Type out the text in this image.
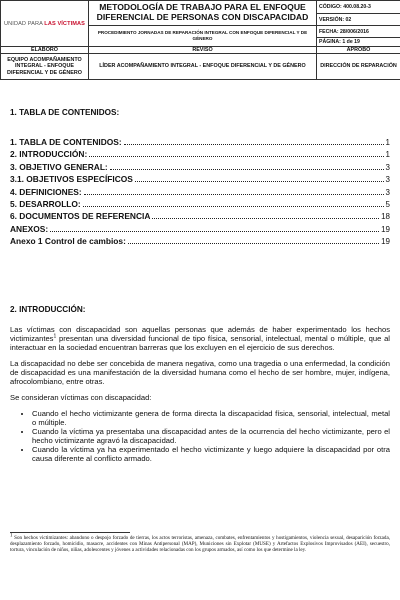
UNIDAD PARA LAS VÍCTIMAS	METODOLOGÍA DE TRABAJO PARA EL ENFOQUE DIFERENCIAL DE PERSONAS CON DISCAPACIDAD	CÓDIGO: 400.08.20-3
		VERSIÓN: 02
	PROCEDIMIENTO JORNADAS DE REPARACIÓN INTEGRAL CON ENFOQUE DIFERENCIAL Y DE GÉNERO	FECHA: 28/006/2016
		PÁGINA: 1 de 19
ELABORÓ	REVISÓ	APROBÓ
EQUIPO ACOMPAÑAMIENTO INTEGRAL - ENFOQUE DIFERENCIAL Y DE GÉNERO	LÍDER ACOMPAÑAMIENTO INTEGRAL - ENFOQUE DIFERENCIAL Y DE GÉNERO	DIRECCIÓN DE REPARACIÓN
1. TABLA DE CONTENIDOS:
1. TABLA DE CONTENIDOS:	1
2. INTRODUCCIÓN:	1
3. OBJETIVO GENERAL:	3
3.1. OBJETIVOS ESPECÍFICOS	3
4. DEFINICIONES:	3
5. DESARROLLO:	5
6. DOCUMENTOS DE REFERENCIA	18
ANEXOS:	19
Anexo 1 Control de cambios:	19
2. INTRODUCCIÓN:

Las víctimas con discapacidad son aquellas personas que además de haber experimentado los hechos victimizantes$^1$ presentan una diversidad funcional de tipo física, sensorial, intelectual, mental o múltiple, que al interactuar en la sociedad encuentran barreras que los excluyen en el ejercicio de sus derechos.

La discapacidad no debe ser concebida de manera negativa, como una tragedia o una enfermedad, la condición de discapacidad es una manifestación de la diversidad humana como el hecho de ser hombre, mujer, indígena, afrocolombiano, entre otras.

Se consideran víctimas con discapacidad:

• Cuando el hecho victimizante genera de forma directa la discapacidad física, sensorial, intelectual, metal o múltiple.
• Cuando la víctima ya presentaba una discapacidad antes de la ocurrencia del hecho victimizante, pero el hecho victimizante agravó la discapacidad.
• Cuando la víctima ya ha experimentado el hecho victimizante y luego adquiere la discapacidad por otra causa diferente al conflicto armado.
1 Son hechos victimizantes: abandono o despojo forzado de tierras, los actos terroristas, amenaza, combates, enfrentamientos y hostigamientos, violencia sexual, desaparición forzada, desplazamiento forzado, homicidio, masacre, accidentes con Minas Antipersonal (MAP), Municiones sin Explotar (MUSE) y Artefactos Explosivos Improvisados (AEI), secuestro, tortura, vinculación de niños, niñas, adolescentes y jóvenes a actividades relacionadas con los grupos armados, así como los que determine la ley.
